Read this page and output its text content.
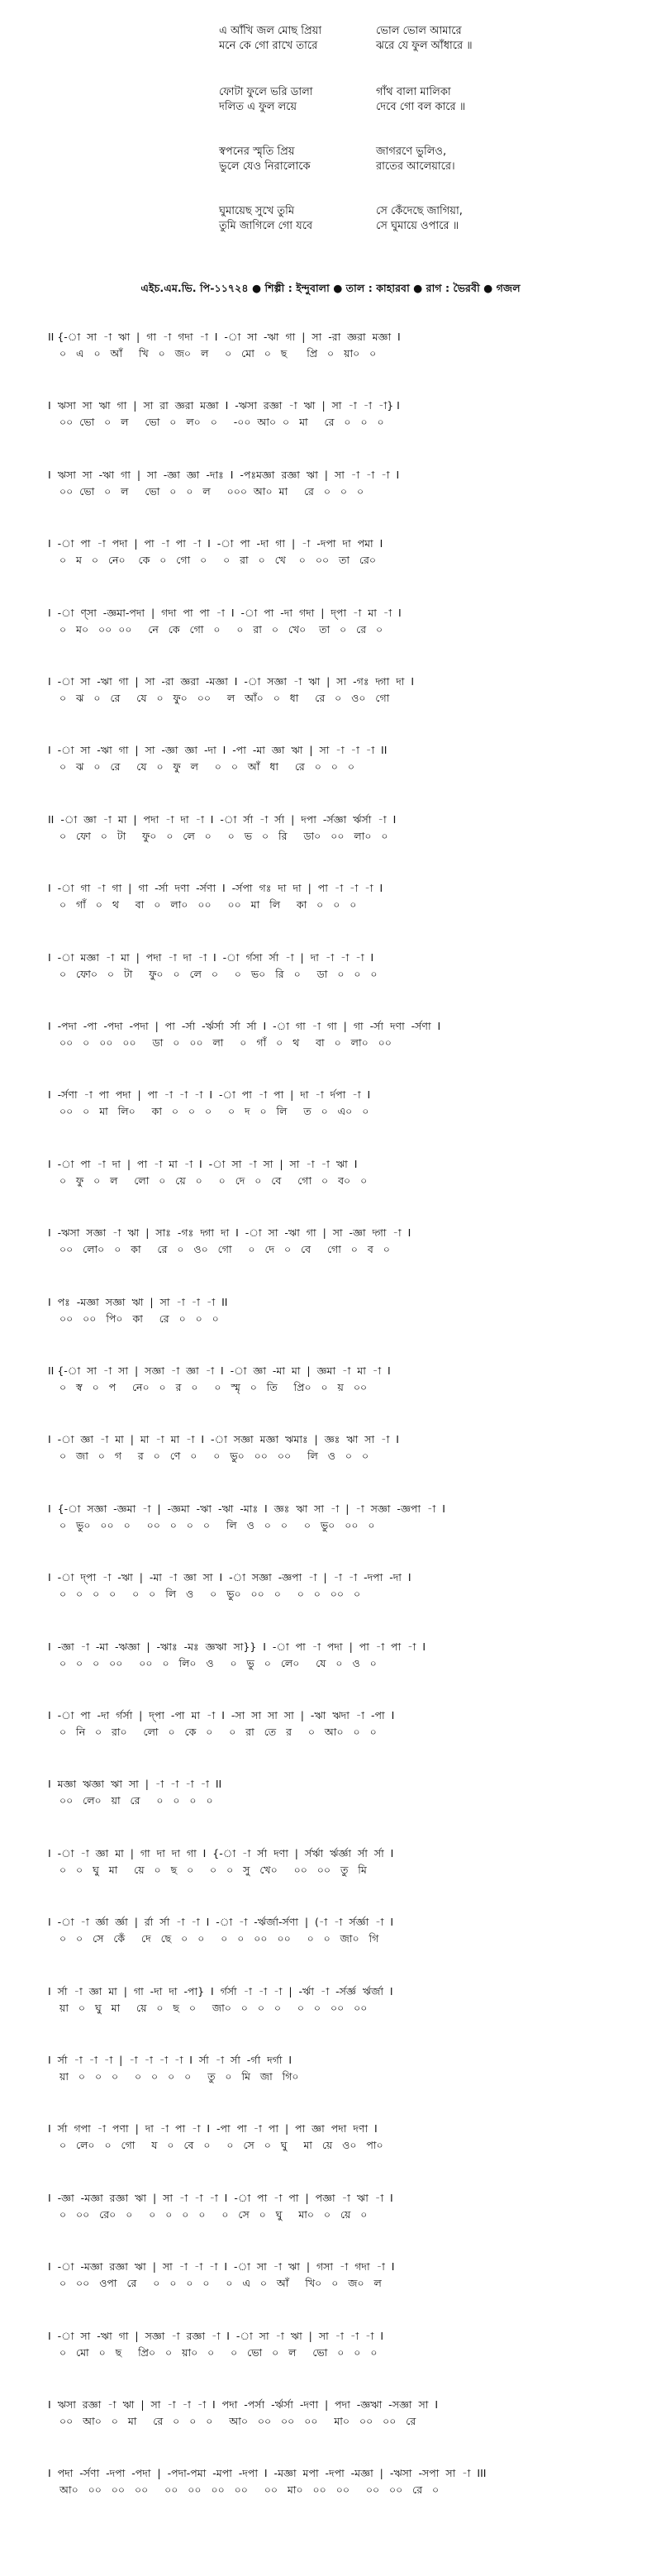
এ আঁখি জল মোছ প্রিয়া	ভোল ভোল আমারে
মনে কে গো রাখে তারে	ঝরে যে ফুল আঁধারে ॥
ফোটা ফুলে ভরি ডালা	গাঁথ বালা মালিকা
দলিত এ ফুল লয়ে	দেবে গো বল কারে ॥
স্বপনের স্মৃতি প্রিয়	জাগরণে ভুলিও,
ভুলে যেও নিরালোকে	রাতের আলেয়ারে।
ঘুমায়েছ সুখে তুমি	সে কেঁদেছে জাগিয়া,
তুমি জাগিলে গো যবে	সে ঘুমায়ে ওপারে ॥
এইচ.এম.ভি. পি-১১৭২৪ ● শিল্পী : ইন্দুবালা ● তাল : কাহারবা ● রাগ : ভৈরবী ● গজল
II {-া  সা  -া  ঋা  |  গা  -া  গদা  -া  I  -া  সা  -ঋা  গা  |  সা  -রা  জ্ঞরা  মজ্ঞা  I
০   এ   ০   আঁ     খি   ০   জ০   ল     ০   মো   ০   ছ      প্রি   ০   য়া০   ০
I  ঋসা  সা  ঋা  গা  |  সা  রা  জ্ঞরা  মজ্ঞা  I  -ঋসা  রজ্ঞা  -া  ঋা  |  সা  -া  -া  -া} I
০০  ভো   ০   ল     ভো   ০   ল০   ০     -০০  আ০  ০   মা     রে   ০   ০   ০
I  ঋসা  সা  -ঋা  গা  |  সা  -জ্ঞা  জ্ঞা  -দাঃ  I  -পঃমজ্ঞা  রজ্ঞা  ঋা  |  সা  -া  -া  -া  I
০০  ভো   ০   ল     ভো   ০   ০   ল     ০০০  আ০  মা     রে   ০   ০   ০
I  -া  পা  -া  পদা  |  পা  -া  পা  -া  I  -া  পা  -দা  গা  |  -া  -দপা  দা  পমা  I
০   ম   ০   নে০    কে   ০   গো   ০     ০   রা   ০   খে    ০   ০০   তা   রে০
I  -া  ণ্সা  -জ্ঞমা-পদা  |  গদা  পা  পা  -া  I  -া  পা  -দা  গদা  |  দ্পা  -া  মা  -া  I
০   ম০   ০০  ০০     নে   কে   গো   ০     ০   রা   ০   খে০    তা   ০   রে   ০
I  -া  সা  -ঋা  গা  |  সা  -রা  জ্ঞরা  -মজ্ঞা  I  -া  সজ্ঞা  -া  ঋা  |  সা  -গঃ  দ্গা  দা  I
০   ঝ   ০   রে     যে   ০   ফু০   ০০     ল   আঁ০   ০   ধা     রে   ০   ও০   গো
I  -া  সা  -ঋা  গা  |  সা  -জ্ঞা  জ্ঞা  -দা  I  -পা  -মা  জ্ঞা  ঋা  |  সা  -া  -া  -া  II
০   ঝ   ০   রে     যে   ০   ফু   ল     ০   ০   আঁ   ধা     রে   ০   ০   ০
II  -া  জ্ঞা  -া  মা  |  পদা  -া  দা  -া  I  -া  র্সা  -া  র্সা  |  দপা  -র্সজ্ঞা  র্ঋর্সা  -া  I
০   ফো   ০   টা     ফু০   ০   লে   ০     ০   ভ   ০   রি     ডা০   ০০   লা০   ০
I  -া  গা  -া  গা  |  গা  -র্সা  দণা  -র্সণা  I  -র্সপা  গঃ  দা  দা  |  পা  -া  -া  -া  I
০   গাঁ   ০   থ     বা   ০   লা০   ০০     ০০   মা   লি     কা   ০   ০   ০
I  -া  মজ্ঞা  -া  মা  |  পদা  -া  দা  -া  I  -া  র্গসা  র্সা  -া  |  দা  -া  -া  -া  I
০   ফো০   ০   টা     ফু০   ০   লে   ০     ০   ভ০   রি   ০     ডা   ০   ০   ০
I  -পদা  -পা  -পদা  -পদা  |  পা  -র্সা  -র্ঋর্সা  র্সা  র্সা  I  -া  গা  -া  গা  |  গা  -র্সা  দণা  -র্সণা  I
০০   ০   ০০   ০০     ডা   ০   ০০   লা     ০   গাঁ   ০   থ     বা   ০   লা০   ০০
I  -র্সণা  -া  পা  পদা  |  পা  -া  -া  -া  I  -া  পা  -া  পা  |  দা  -া  র্দপা  -া  I
০০   ০   মা   লি০     কা   ০   ০   ০     ০   দ   ০   লি     ত   ০   এ০   ০
I  -া  পা  -া  দা  |  পা  -া  মা  -া  I  -া  সা  -া  সা  |  সা  -া  -া  ঋা  I
০   ফু   ০   ল     লো   ০   য়ে   ০     ০   দে   ০   বে     গো   ০   ব০   ০
I  -ঋসা  সজ্ঞা  -া  ঋা  |  সাঃ  -গঃ  দ্গা  দা  I  -া  সা  -ঋা  গা  |  সা  -জ্ঞা  দ্গা  -া  I
০০   লো০   ০   কা     রে   ০   ও০   গো     ০   দে   ০   বে     গো   ০   ব   ০
I  পঃ  -মজ্ঞা  সজ্ঞা  ঋা  |  সা  -া  -া  -া  II
০০   ০০   পি০   কা     রে   ০   ০   ০
II {-া  সা  -া  সা  |  সজ্ঞা  -া  জ্ঞা  -া  I  -া  জ্ঞা  -মা  মা  |  জ্ঞমা  -া  মা  -া  I
০   স্ব   ০   প     নে০   ০   র   ০     ০   স্মৃ   ০   তি     প্রি০   ০   য়   ০০
I  -া  জ্ঞা  -া  মা  |  মা  -া  মা  -া  I  -া  সজ্ঞা  মজ্ঞা  ঋমাঃ  |  জ্ঞঃ  ঋা  সা  -া  I
০   জা   ০   গ     র   ০   ণে   ০     ০   ভু০   ০০   ০০     লি   ও   ০   ০
I  {-া  সজ্ঞা  -জ্ঞমা  -া  |  -জ্ঞমা  -ঋা  -ঋা  -মাঃ  I  জ্ঞঃ  ঋা  সা  -া  |  -া  সজ্ঞা  -জ্ঞপা  -া  I
০   ভু০   ০০   ০     ০০   ০   ০   ০     লি   ও   ০   ০     ০   ভু০   ০০   ০
I  -া  দ্পা  -া  -ঋা  |  -মা  -া  জ্ঞা  সা  I  -া  সজ্ঞা  -জ্ঞপা  -া  |  -া  -া  -দপা  -দা  I
০   ০   ০   ০     ০   ০   লি   ও     ০   ভু০   ০০   ০     ০   ০   ০০   ০
I  -জ্ঞা  -া  -মা  -ঋজ্ঞা  |  -ঋাঃ  -মঃ  জ্ঞঋা  সা}}  I  -া  পা  -া  পদা  |  পা  -া  পা  -া  I
০   ০   ০   ০০     ০০   ০   লি০   ও     ০   ভু   ০   লে০     যে   ০   ও   ০
I  -া  পা  -দা  র্গর্সা  |  দ্পা  -পা  মা  -া  I  -সা  সা  সা  সা  |  -ঋা  ঋদা  -া  -পা  I
০   নি   ০   রা০     লো   ০   কে   ০     ০   রা   তে   র     ০   আ০   ০   ০
I  মজ্ঞা  ঋজ্ঞা  ঋা  সা  |  -া  -া  -া  -া  II
০০   লে০   য়া   রে     ০   ০   ০   ০
I  -া  -া  জ্ঞা  মা  |  গা  দা  দা  গা  I  {-া  -া  র্সা  দণা  |  র্সর্ঋা  র্ঋর্জ্ঞা  র্সা  র্সা  I
০   ০   ঘু   মা     য়ে   ০   ছ   ০     ০   ০   সু   খে০     ০০   ০০   তু   মি
I  -া  -া  র্জ্ঞা  র্জ্ঞা  |  র্রা  র্সা  -া  -া  I  -া  -া  -র্ঋর্জা-র্সণা  |  (-া  -া  র্সর্জ্ঞা  -া  I
০   ০   সে   কেঁ     দে   ছে   ০   ০     ০   ০   ০০   ০০     ০   ০   জা০   গি
I  র্সা  -া  জ্ঞা  মা  |  গা  -দা  দা  -পা}  I  র্গর্সা  -া  -া  -া  |  -র্ঋা  -া  -র্সর্জ্ঞ  র্ঋর্জা  I
য়া   ০   ঘু   মা     য়ে   ০   ছ   ০     জা০   ০   ০   ০     ০   ০   ০০   ০০
I  র্সা  -া  -া  -া  |  -া  -া  -া  -া  I  র্সা  -া  র্সা  -র্গা  দর্গা  I
য়া   ০   ০   ০     ০   ০   ০   ০     তু   ০   মি   জা   গি০
I  র্সা  গপা  -া  পণা  |  দা  -া  পা  -া  I  -পা  পা  -া  পা  |  পা  জ্ঞা  পদা  দণা  I
০   লে০   ০   গো     য   ০   বে   ০     ০   সে   ০   ঘু     মা   য়ে   ও০   পা০
I  -জ্ঞা  -মজ্ঞা  রজ্ঞা  ঋা  |  সা  -া  -া  -া  I  -া  পা  -া  পা  |  পজ্ঞা  -া  ঋা  -া  I
০   ০০   রে০   ০     ০   ০   ০   ০     ০   সে   ০   ঘু     মা০   ০   য়ে   ০
I  -া  -মজ্ঞা  রজ্ঞা  ঋা  |  সা  -া  -া  -া  I  -া  সা  -া  ঋা  |  গসা  -া  গদা  -া  I
০   ০০   ওপা   রে     ০   ০   ০   ০     ০   এ   ০   আঁ     খি০   ০   জ০   ল
I  -া  সা  -ঋা  গা  |  সজ্ঞা  -া  রজ্ঞা  -া  I  -া  সা  -া  ঋা  |  সা  -া  -া  -া  I
০   মো   ০   ছ     প্রি০   ০   য়া০   ০     ০   ভো   ০   ল     ভো   ০   ০   ০
I  ঋসা  রজ্ঞা  -া  ঋা  |  সা  -া  -া  -া  I  পদা  -পর্সা  -র্ঋর্সা  -দণা  |  পদা  -জ্ঞঋা  -সজ্ঞা  সা  I
০০   আ০   ০   মা     রে   ০   ০   ০     আ০   ০০   ০০   ০০     মা০   ০০   ০০   রে
I  পদা  -র্সণা  -দপা  -পদা  |  -পদা-পমা  -মপা  -দপা  I  -মজ্ঞা  মপা  -দপা  -মজ্ঞা  |  -ঋসা  -সপা  সা  -া  III
আ০   ০০   ০০   ০০     ০০   ০০   ০০   ০০     ০০   মা০   ০০   ০০     ০০   ০০   রে   ০
